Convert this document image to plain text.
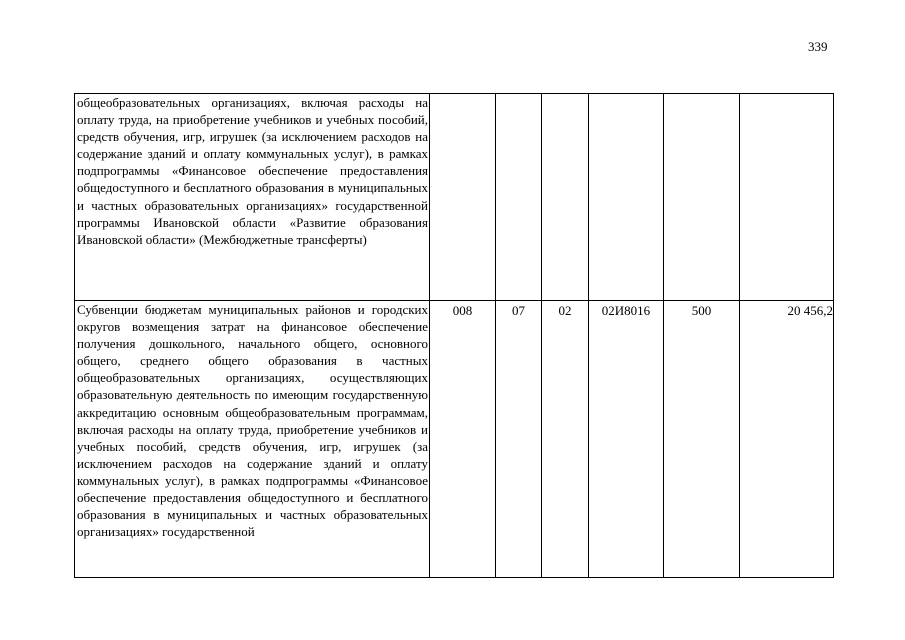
339
общеобразовательных организациях, включая расходы на оплату труда, на приобретение учебников и учебных пособий, средств обучения, игр, игрушек (за исключением расходов на содержание зданий и оплату коммунальных услуг), в рамках подпрограммы «Финансовое обеспечение предоставления общедоступного и бесплатного образования в муниципальных и частных образовательных организациях» государственной программы Ивановской области «Развитие образования Ивановской области» (Межбюджетные трансферты)						
Субвенции бюджетам муниципальных районов и городских округов возмещения затрат на финансовое обеспечение получения дошкольного, начального общего, основного общего, среднего общего образования в частных общеобразовательных организациях, осуществляющих образовательную деятельность по имеющим государственную аккредитацию основным общеобразовательным программам, включая расходы на оплату труда, приобретение учебников и учебных пособий, средств обучения, игр, игрушек (за исключением расходов на содержание зданий и оплату коммунальных услуг), в рамках подпрограммы «Финансовое обеспечение предоставления общедоступного и бесплатного образования в муниципальных и частных образовательных организациях» государственной	008	07	02	02И8016	500	20 456,2
